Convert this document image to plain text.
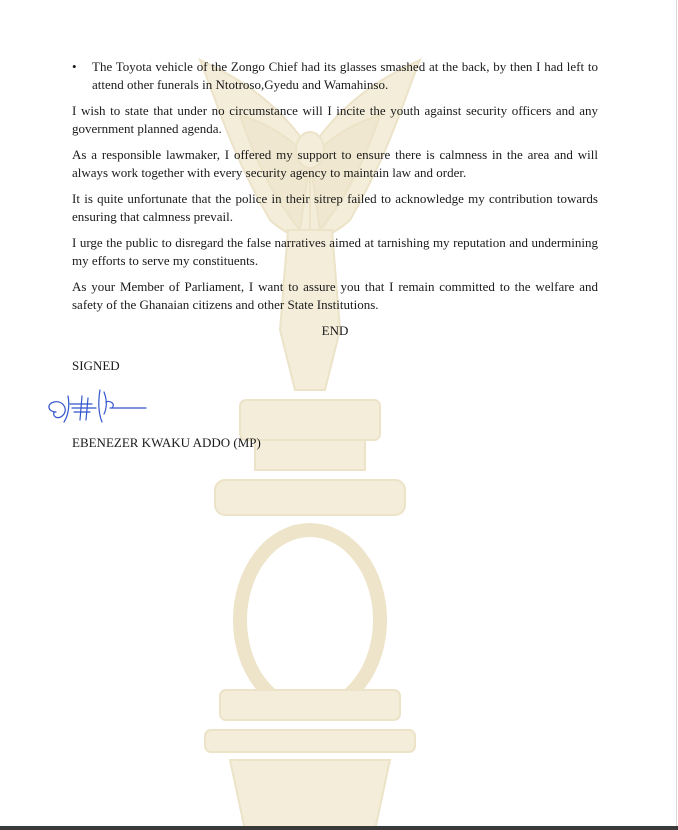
• The Toyota vehicle of the Zongo Chief had its glasses smashed at the back, by then I had left to attend other funerals in Ntotroso,Gyedu and Wamahinso.

I wish to state that under no circumstance will I incite the youth against security officers and any government planned agenda.

As a responsible lawmaker, I offered my support to ensure there is calmness in the area and will always work together with every security agency to maintain law and order.

It is quite unfortunate that the police in their sitrep failed to acknowledge my contribution towards ensuring that calmness prevail.

I urge the public to disregard the false narratives aimed at tarnishing my reputation and undermining my efforts to serve my constituents.

As your Member of Parliament, I want to assure you that I remain committed to the welfare and safety of the Ghanaian citizens and other State Institutions.

END

SIGNED

EBENEZER KWAKU ADDO (MP)
